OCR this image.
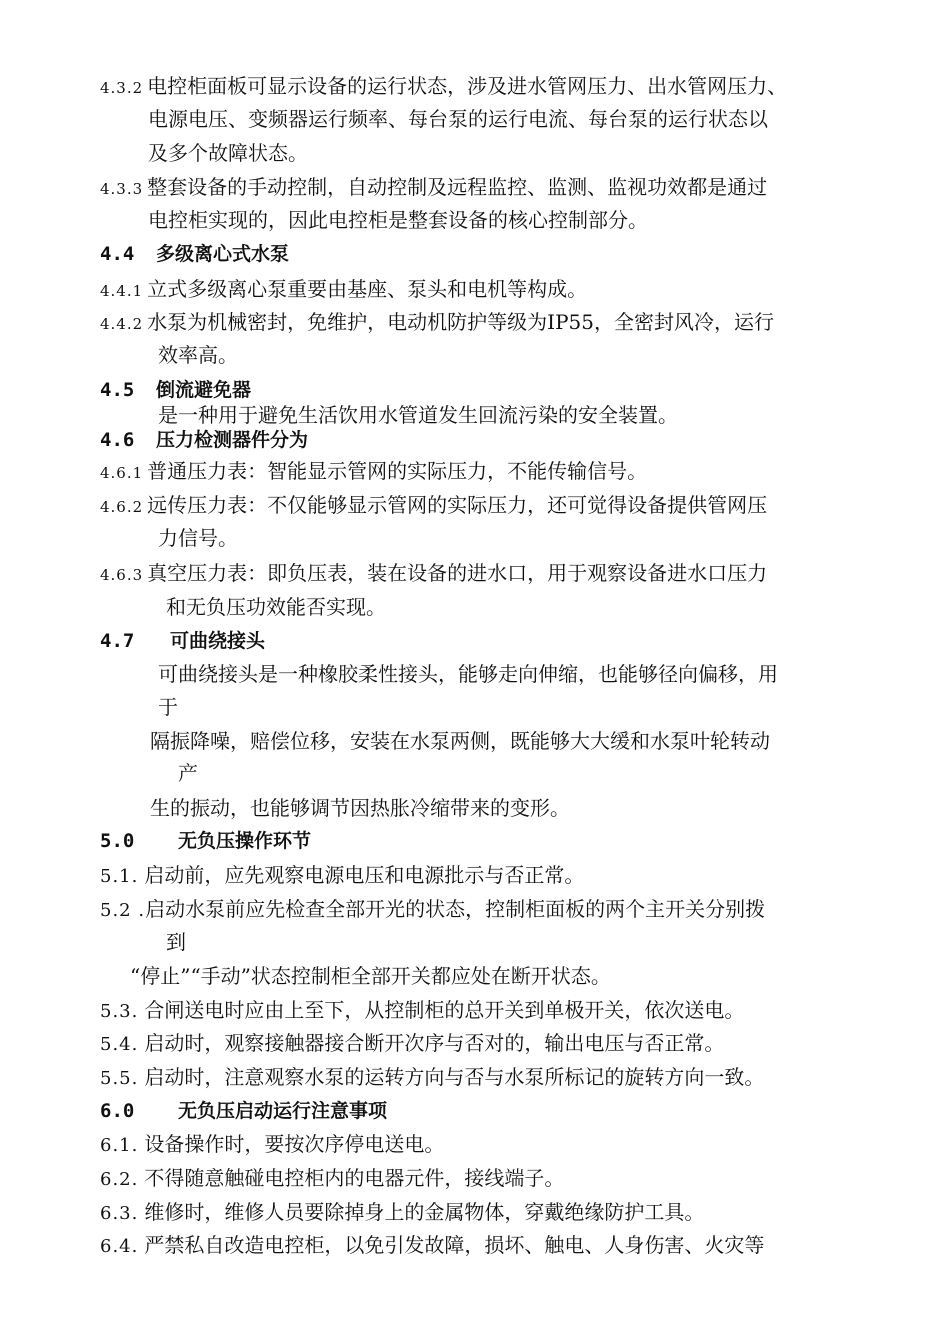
4.3.2 电控柜面板可显示设备的运行状态，涉及进水管网压力、出水管网压力、
电源电压、变频器运行频率、每台泵的运行电流、每台泵的运行状态以
及多个故障状态。
4.3.3 整套设备的手动控制，自动控制及远程监控、监测、监视功效都是通过
电控柜实现的，因此电控柜是整套设备的核心控制部分。
4.4 多级离心式水泵
4.4.1 立式多级离心泵重要由基座、泵头和电机等构成。
4.4.2 水泵为机械密封，免维护，电动机防护等级为IP55，全密封风冷，运行
效率高。
4.5 倒流避免器
是一种用于避免生活饮用水管道发生回流污染的安全装置。
4.6 压力检测器件分为
4.6.1 普通压力表：智能显示管网的实际压力，不能传输信号。
4.6.2 远传压力表：不仅能够显示管网的实际压力，还可觉得设备提供管网压
力信号。
4.6.3 真空压力表：即负压表，装在设备的进水口，用于观察设备进水口压力
和无负压功效能否实现。
4.7 可曲绕接头
可曲绕接头是一种橡胶柔性接头，能够走向伸缩，也能够径向偏移，用
于
隔振降噪，赔偿位移，安装在水泵两侧，既能够大大缓和水泵叶轮转动
产
生的振动，也能够调节因热胀冷缩带来的变形。
5.0 无负压操作环节
5.1. 启动前，应先观察电源电压和电源批示与否正常。
5.2 .启动水泵前应先检查全部开光的状态，控制柜面板的两个主开关分别拨
到
“停止”“手动”状态控制柜全部开关都应处在断开状态。
5.3. 合闸送电时应由上至下，从控制柜的总开关到单极开关，依次送电。
5.4. 启动时，观察接触器接合断开次序与否对的，输出电压与否正常。
5.5. 启动时，注意观察水泵的运转方向与否与水泵所标记的旋转方向一致。
6.0 无负压启动运行注意事项
6.1. 设备操作时，要按次序停电送电。
6.2. 不得随意触碰电控柜内的电器元件，接线端子。
6.3. 维修时，维修人员要除掉身上的金属物体，穿戴绝缘防护工具。
6.4. 严禁私自改造电控柜，以免引发故障，损坏、触电、人身伤害、火灾等
